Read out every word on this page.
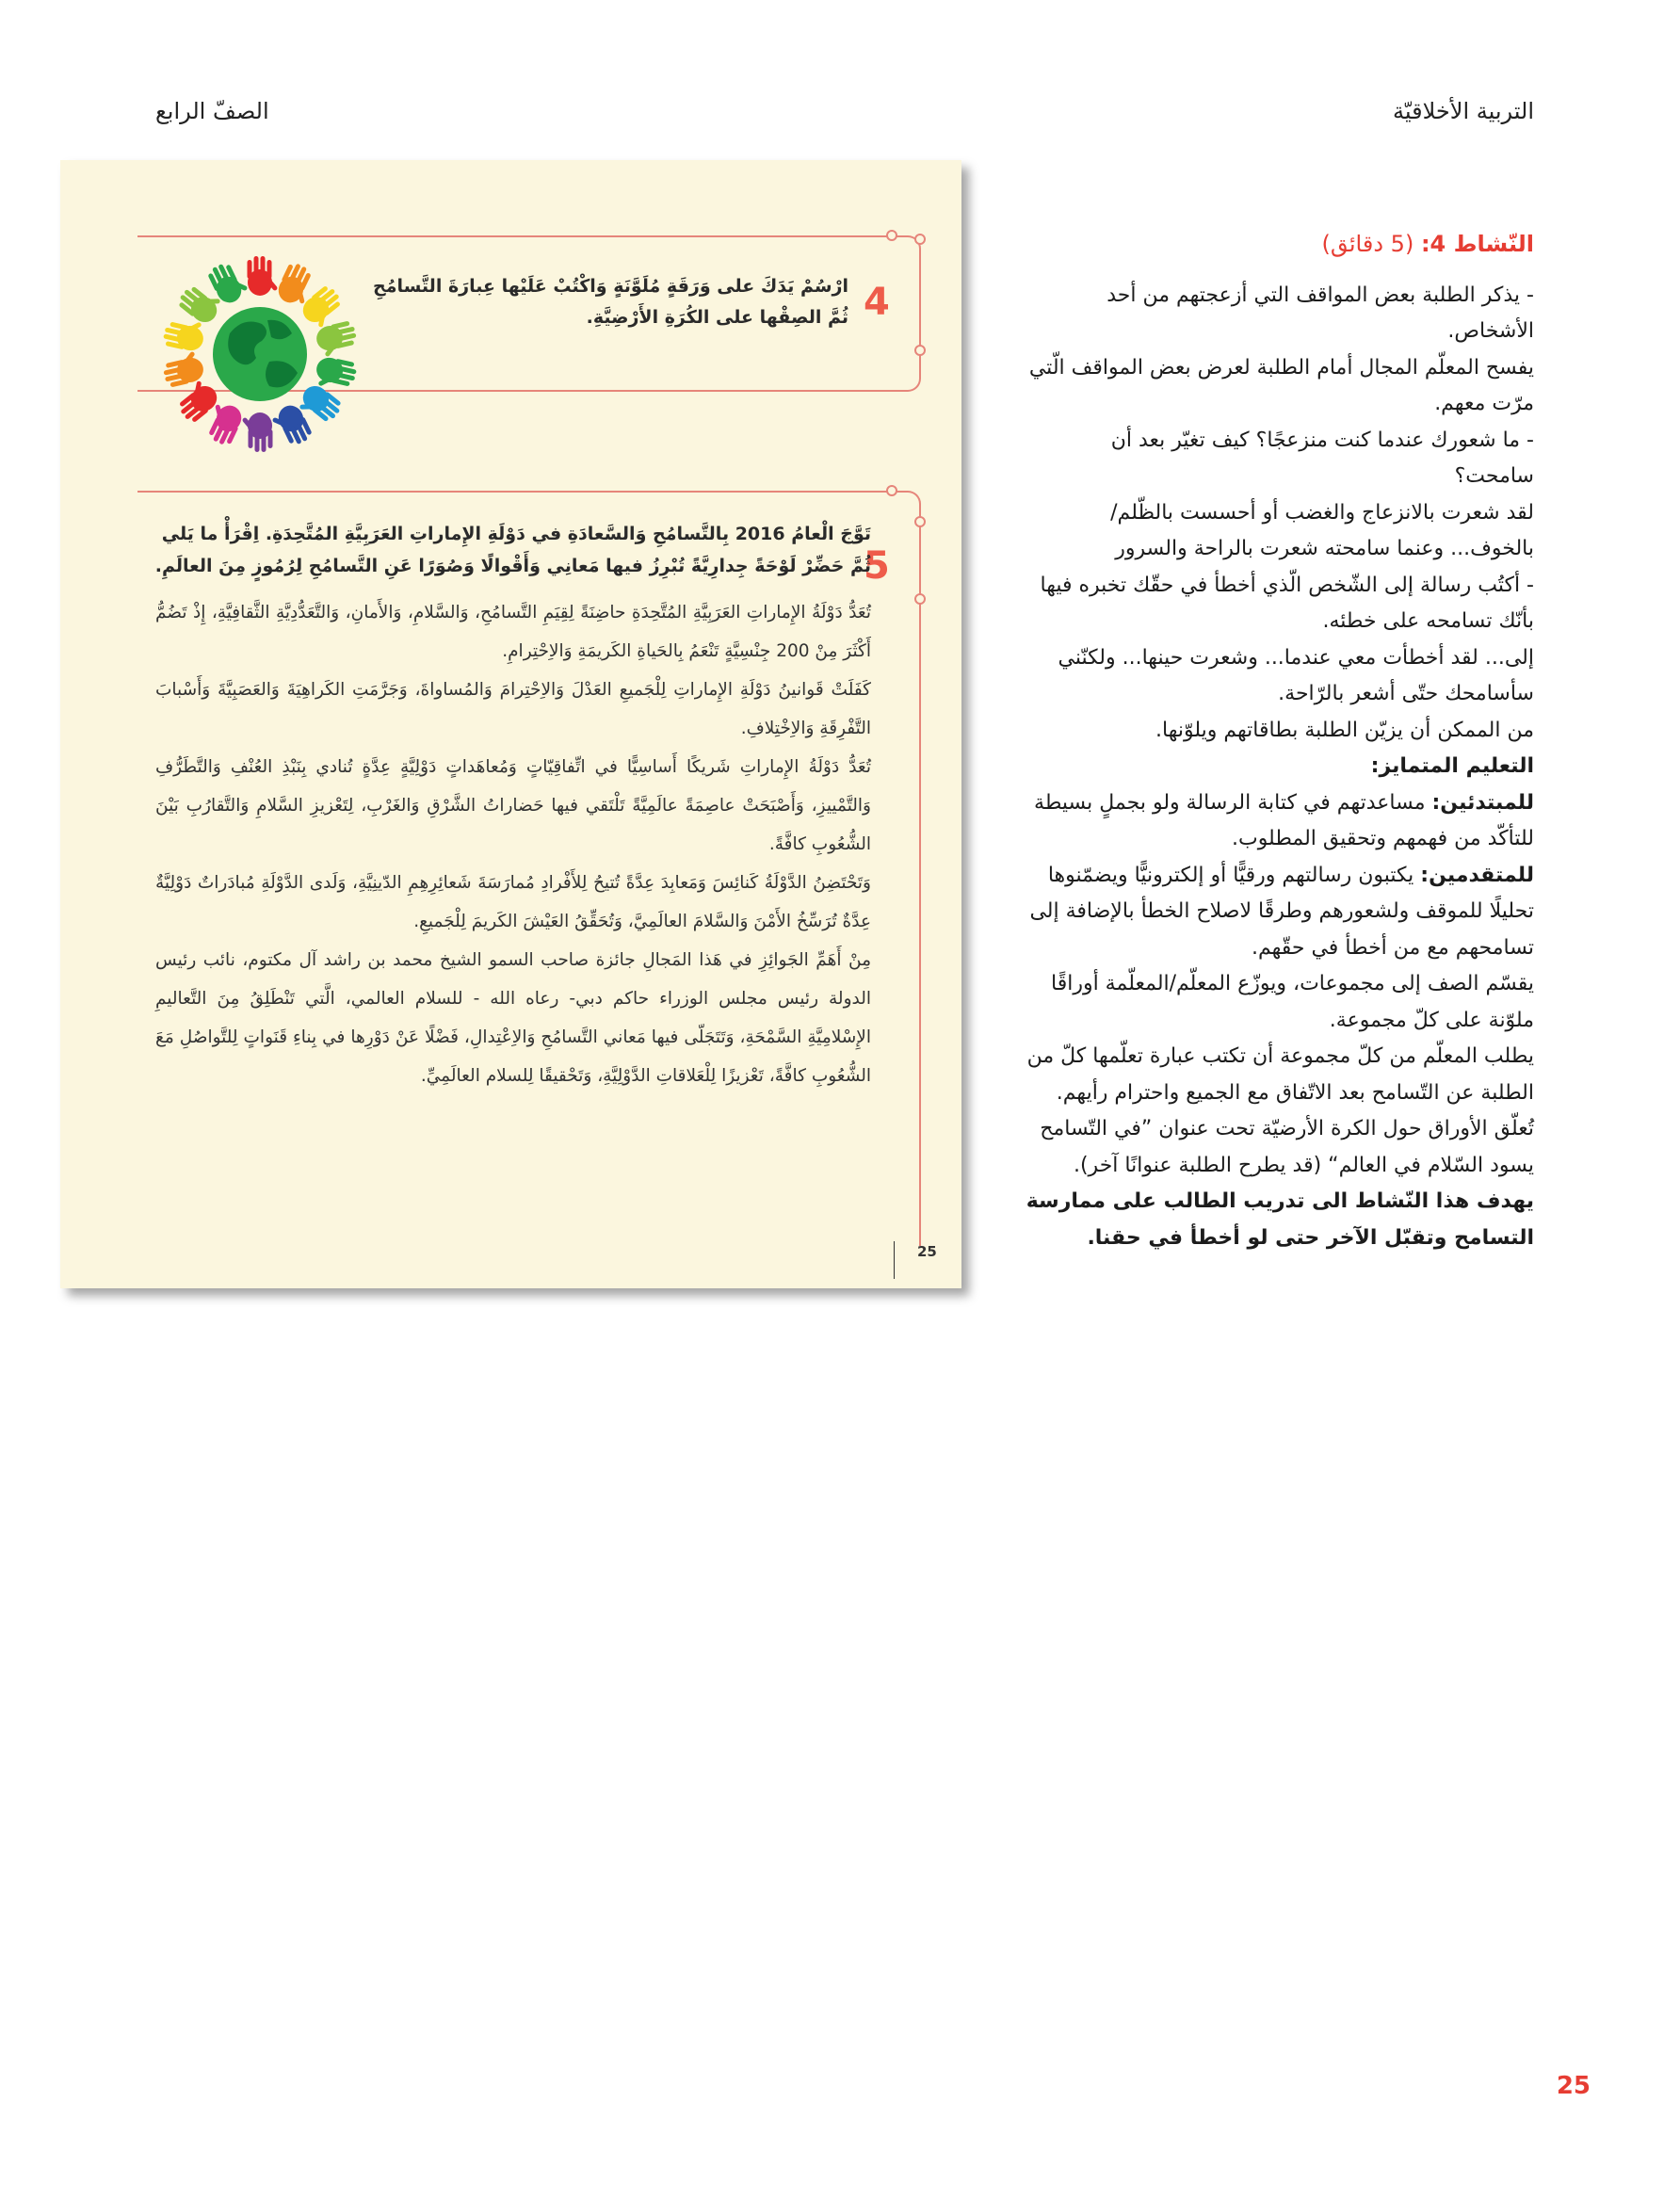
التربية الأخلاقيّة
الصفّ الرابع
4
ارْسُمْ يَدَكَ على وَرَقَةٍ مُلَوَّنَةٍ وَاكْتُبْ عَلَيْها عِبارَةَ التَّسامُحِ
ثُمَّ الصِقْها على الكُرَةِ الأَرْضِيَّةِ.
5
تَوَّجَ الْعامُ 2016 بِالتَّسامُحِ وَالسَّعادَةِ في دَوْلَةِ الإِماراتِ العَرَبِيَّةِ المُتَّحِدَةِ. اِقْرَأْ ما يَلي
ثُمَّ حَضِّرْ لَوْحَةً جِدارِيَّةً تُبْرِزُ فيها مَعانِي وَأَقْوالًا وَصُوَرًا عَنِ التَّسامُحِ لِرُمُوزٍ مِنَ العالَمِ.

تُعَدُّ دَوْلَةُ الإِماراتِ العَرَبِيَّةِ المُتَّحِدَةِ حاضِنَةً لِقِيَمِ التَّسامُحِ، وَالسَّلامِ، وَالأَمانِ، وَالتَّعَدُّدِيَّةِ الثَّقافِيَّةِ، إِذْ تَضُمُّ أَكْثَرَ مِنْ 200 جِنْسِيَّةٍ تَنْعَمُ بِالحَياةِ الكَريمَةِ وَالاِحْتِرامِ.

كَفَلَتْ قَوانينُ دَوْلَةِ الإِماراتِ لِلْجَميعِ العَدْلَ وَالاِحْتِرامَ وَالمُساواةَ، وَجَرَّمَتِ الكَراهِيَةَ وَالعَصَبِيَّةَ وَأَسْبابَ التَّفْرِقَةِ وَالاِخْتِلافِ.

تُعَدُّ دَوْلَةُ الإِماراتِ شَريكًا أَساسِيًّا في اتِّفاقِيّاتٍ وَمُعاهَداتٍ دَوْلِيَّةٍ عِدَّةٍ تُنادي بِنَبْذِ العُنْفِ وَالتَّطَرُّفِ وَالتَّمْييزِ، وَأَصْبَحَتْ عاصِمَةً عالَمِيَّةً تَلْتَقي فيها حَضاراتُ الشَّرْقِ وَالغَرْبِ، لِتَعْزيزِ السَّلامِ وَالتَّقارُبِ بَيْنَ الشُّعُوبِ كافَّةً.

وَتَحْتَضِنُ الدَّوْلَةُ كَنائِسَ وَمَعابِدَ عِدَّةً تُتيحُ لِلأَفْرادِ مُمارَسَةَ شَعائِرِهِمِ الدّينِيَّةِ، وَلَدى الدَّوْلَةِ مُبادَراتٌ دَوْلِيَّةٌ عِدَّةٌ تُرَسِّخُ الأَمْنَ وَالسَّلامَ العالَمِيَّ، وَتُحَقِّقُ العَيْشَ الكَريمَ لِلْجَميعِ.

مِنْ أَهَمِّ الجَوائِزِ في هَذا المَجالِ جائزة صاحب السمو الشيخ محمد بن راشد آل مكتوم، نائب رئيس الدولة رئيس مجلس الوزراء حاكم دبي- رعاه الله - للسلام العالمي، الَّتي تَنْطَلِقُ مِنَ التَّعاليمِ الإِسْلامِيَّةِ السَّمْحَةِ، وَتَتَجَلّى فيها مَعاني التَّسامُحِ وَالاِعْتِدالِ، فَضْلًا عَنْ دَوْرِها في بِناءِ قَنَواتٍ لِلتَّواصُلِ مَعَ الشُّعُوبِ كافَّةً، تَعْزيزًا لِلْعَلاقاتِ الدَّوْلِيَّةِ، وَتَحْقيقًا لِلسلام العالَمِيِّ.

25

النّشاط 4: (5 دقائق)

- يذكر الطلبة بعض المواقف التي أزعجتهم من أحد الأشخاص.

يفسح المعلّم المجال أمام الطلبة لعرض بعض المواقف الّتي مرّت معهم.

- ما شعورك عندما كنت منزعجًا؟ كيف تغيّر بعد أن سامحت؟

لقد شعرت بالانزعاج والغضب أو أحسست بالظّلم/ بالخوف... وعنما سامحته شعرت بالراحة والسرور

- أكتُب رسالة إلى الشّخص الّذي أخطأ في حقّك تخبره فيها بأنّك تسامحه على خطئه.

إلى... لقد أخطأت معي عندما... وشعرت حينها... ولكنّني سأسامحك حتّى أشعر بالرّاحة.

من الممكن أن يزيّن الطلبة بطاقاتهم ويلوّنها.

التعليم المتمايز:

للمبتدئين: مساعدتهم في كتابة الرسالة ولو بجملٍ بسيطة للتأكّد من فهمهم وتحقيق المطلوب.

للمتقدمين: يكتبون رسالتهم ورقيًّا أو إلكترونيًّا ويضمّنوها تحليلًا للموقف ولشعورهم وطرقًا لاصلاح الخطأ بالإضافة إلى تسامحهم مع من أخطأ في حقّهم.

يقسّم الصف إلى مجموعات، ويوزّع المعلّم/المعلّمة أوراقًا ملوّنة على كلّ مجموعة.

يطلب المعلّم من كلّ مجموعة أن تكتب عبارة تعلّمها كلّ من الطلبة عن التّسامح بعد الاتّفاق مع الجميع واحترام رأيهم.

تُعلّق الأوراق حول الكرة الأرضيّة تحت عنوان ”في التّسامح يسود السّلام في العالم“ (قد يطرح الطلبة عنوانًا آخر).

يهدف هذا النّشاط الى تدريب الطالب على ممارسة التسامح وتقبّل الآخر حتى لو أخطأ في حقنا.

25
